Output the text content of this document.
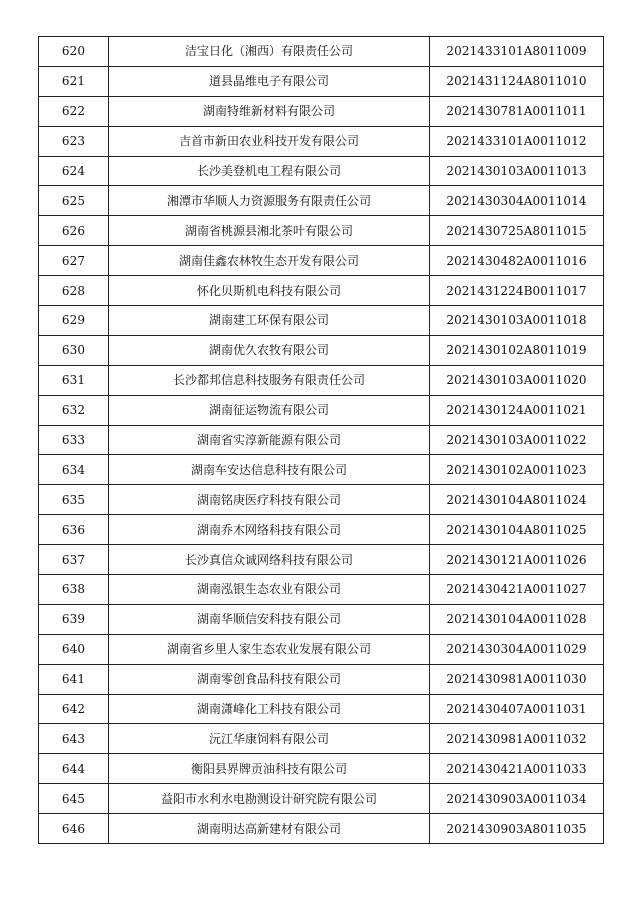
620	洁宝日化（湘西）有限责任公司	2021433101A8011009
621	道县晶维电子有限公司	2021431124A8011010
622	湖南特维新材料有限公司	2021430781A0011011
623	吉首市新田农业科技开发有限公司	2021433101A0011012
624	长沙美登机电工程有限公司	2021430103A0011013
625	湘潭市华顺人力资源服务有限责任公司	2021430304A0011014
626	湖南省桃源县湘北茶叶有限公司	2021430725A8011015
627	湖南佳鑫农林牧生态开发有限公司	2021430482A0011016
628	怀化贝斯机电科技有限公司	2021431224B0011017
629	湖南建工环保有限公司	2021430103A0011018
630	湖南优久农牧有限公司	2021430102A8011019
631	长沙都邦信息科技服务有限责任公司	2021430103A0011020
632	湖南征运物流有限公司	2021430124A0011021
633	湖南省实淳新能源有限公司	2021430103A0011022
634	湖南车安达信息科技有限公司	2021430102A0011023
635	湖南铭庚医疗科技有限公司	2021430104A8011024
636	湖南乔木网络科技有限公司	2021430104A8011025
637	长沙真信众诚网络科技有限公司	2021430121A0011026
638	湖南泓银生态农业有限公司	2021430421A0011027
639	湖南华顺信安科技有限公司	2021430104A0011028
640	湖南省乡里人家生态农业发展有限公司	2021430304A0011029
641	湖南零创食品科技有限公司	2021430981A0011030
642	湖南潇峰化工科技有限公司	2021430407A0011031
643	沅江华康饲料有限公司	2021430981A0011032
644	衡阳县界牌贡油科技有限公司	2021430421A0011033
645	益阳市水利水电勘测设计研究院有限公司	2021430903A0011034
646	湖南明达高新建材有限公司	2021430903A8011035
